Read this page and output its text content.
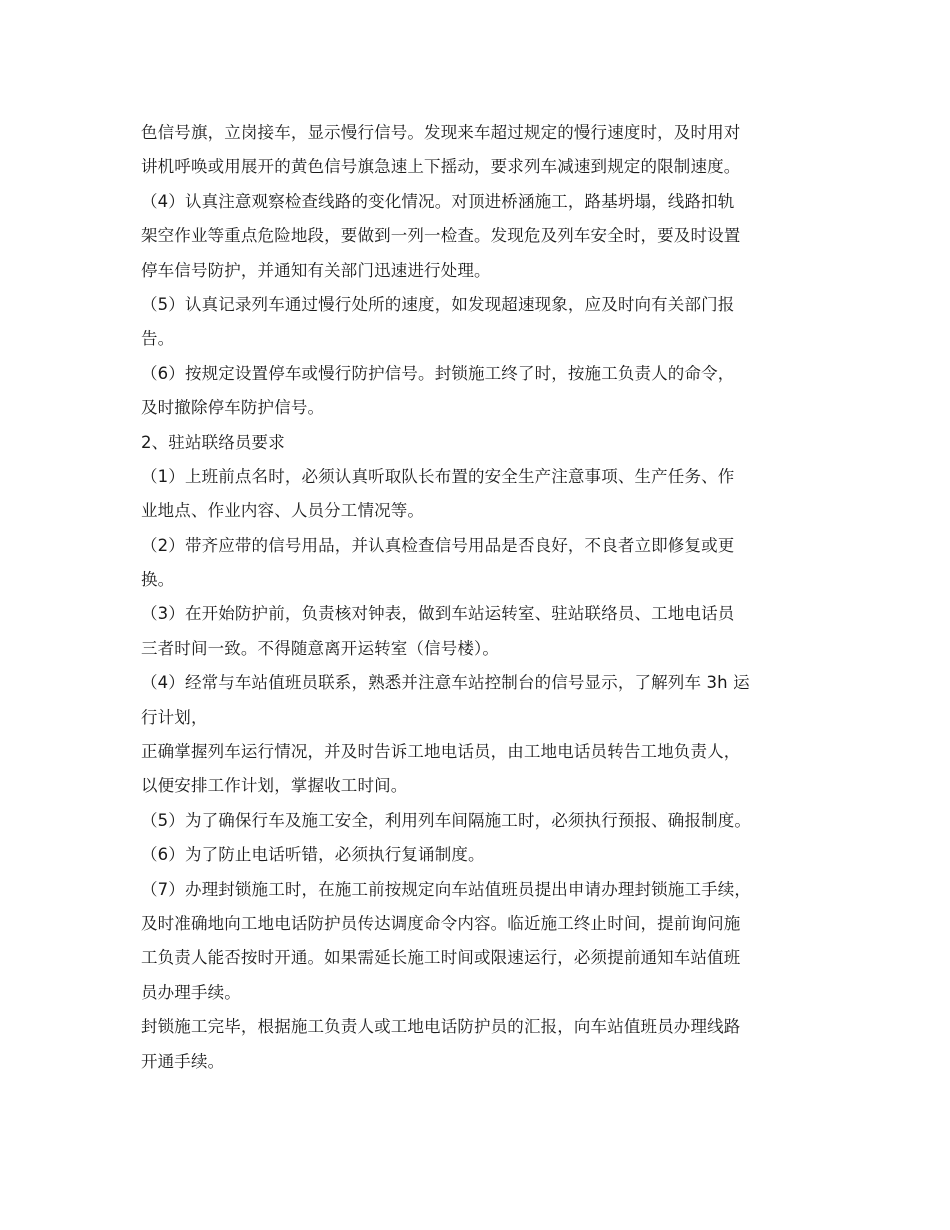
色信号旗，立岗接车，显示慢行信号。发现来车超过规定的慢行速度时，及时用对
讲机呼唤或用展开的黄色信号旗急速上下摇动，要求列车减速到规定的限制速度。
（4）认真注意观察检查线路的变化情况。对顶进桥涵施工，路基坍塌，线路扣轨
架空作业等重点危险地段，要做到一列一检查。发现危及列车安全时，要及时设置
停车信号防护，并通知有关部门迅速进行处理。
（5）认真记录列车通过慢行处所的速度，如发现超速现象，应及时向有关部门报
告。
（6）按规定设置停车或慢行防护信号。封锁施工终了时，按施工负责人的命令，
及时撤除停车防护信号。
2、驻站联络员要求
（1）上班前点名时，必须认真听取队长布置的安全生产注意事项、生产任务、作
业地点、作业内容、人员分工情况等。
（2）带齐应带的信号用品，并认真检查信号用品是否良好，不良者立即修复或更
换。
（3）在开始防护前，负责核对钟表，做到车站运转室、驻站联络员、工地电话员
三者时间一致。不得随意离开运转室（信号楼）。
（4）经常与车站值班员联系，熟悉并注意车站控制台的信号显示，了解列车 3h 运
行计划，
正确掌握列车运行情况，并及时告诉工地电话员，由工地电话员转告工地负责人，
以便安排工作计划，掌握收工时间。
（5）为了确保行车及施工安全，利用列车间隔施工时，必须执行预报、确报制度。
（6）为了防止电话听错，必须执行复诵制度。
（7）办理封锁施工时，在施工前按规定向车站值班员提出申请办理封锁施工手续，
及时准确地向工地电话防护员传达调度命令内容。临近施工终止时间，提前询问施
工负责人能否按时开通。如果需延长施工时间或限速运行，必须提前通知车站值班
员办理手续。
封锁施工完毕，根据施工负责人或工地电话防护员的汇报，向车站值班员办理线路
开通手续。
